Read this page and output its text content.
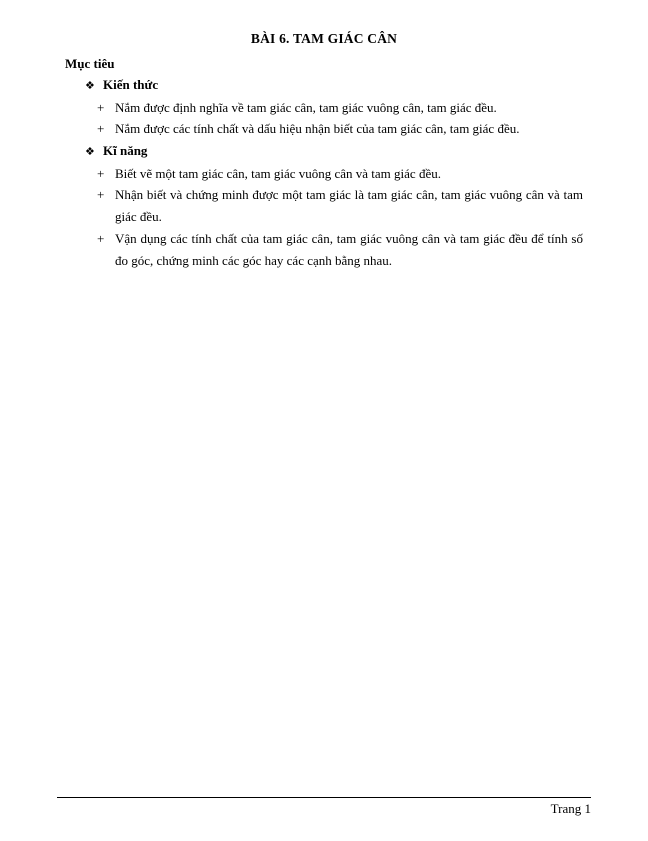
BÀI 6. TAM GIÁC CÂN
Mục tiêu
❖ Kiến thức
+ Nắm được định nghĩa về tam giác cân, tam giác vuông cân, tam giác đều.
+ Nắm được các tính chất và dấu hiệu nhận biết của tam giác cân, tam giác đều.
❖ Kĩ năng
+ Biết vẽ một tam giác cân, tam giác vuông cân và tam giác đều.
+ Nhận biết và chứng minh được một tam giác là tam giác cân, tam giác vuông cân và tam giác đều.
+ Vận dụng các tính chất của tam giác cân, tam giác vuông cân và tam giác đều để tính số đo góc, chứng minh các góc hay các cạnh bằng nhau.
Trang 1
